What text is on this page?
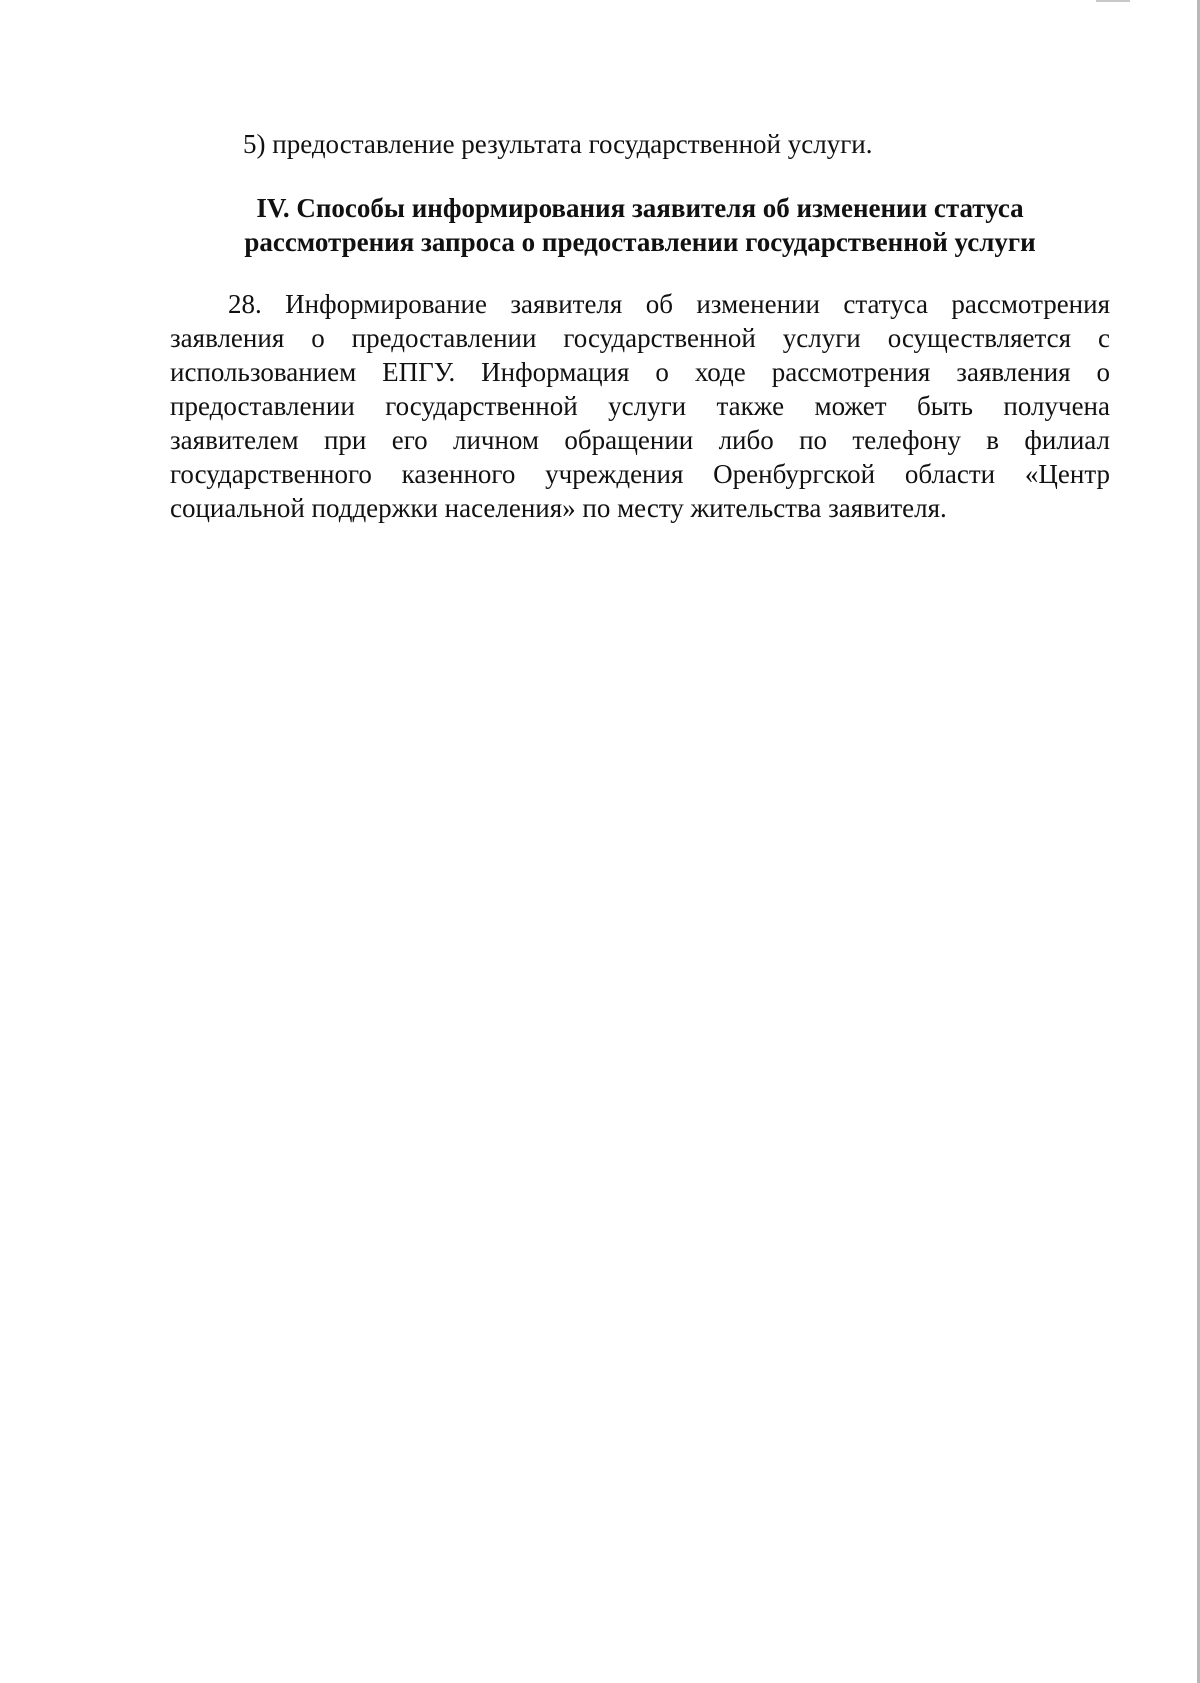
5) предоставление результата государственной услуги.
IV. Способы информирования заявителя об изменении статуса
рассмотрения запроса о предоставлении государственной услуги
28. Информирование заявителя об изменении статуса рассмотрения
заявления о предоставлении государственной услуги осуществляется с
использованием ЕПГУ. Информация о ходе рассмотрения заявления о
предоставлении государственной услуги также может быть получена
заявителем при его личном обращении либо по телефону в филиал
государственного казенного учреждения Оренбургской области «Центр
социальной поддержки населения» по месту жительства заявителя.
